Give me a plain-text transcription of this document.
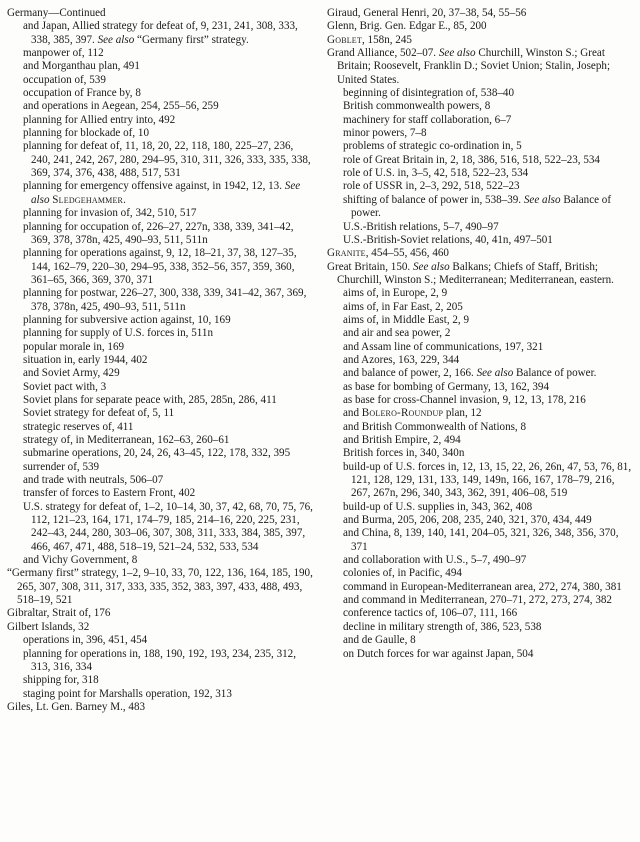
Germany—Continued
and Japan, Allied strategy for defeat of, 9, 231, 241, 308, 333, 338, 385, 397. See also “Germany first” strategy.
manpower of, 112
and Morganthau plan, 491
occupation of, 539
occupation of France by, 8
and operations in Aegean, 254, 255–56, 259
planning for Allied entry into, 492
planning for blockade of, 10
planning for defeat of, 11, 18, 20, 22, 118, 180, 225–27, 236, 240, 241, 242, 267, 280, 294–95, 310, 311, 326, 333, 335, 338, 369, 374, 376, 438, 488, 517, 531
planning for emergency offensive against, in 1942, 12, 13. See also Sledgehammer.
planning for invasion of, 342, 510, 517
planning for occupation of, 226–27, 227n, 338, 339, 341–42, 369, 378, 378n, 425, 490–93, 511, 511n
planning for operations against, 9, 12, 18–21, 37, 38, 127–35, 144, 162–79, 220–30, 294–95, 338, 352–56, 357, 359, 360, 361–65, 366, 369, 370, 371
planning for postwar, 226–27, 300, 338, 339, 341–42, 367, 369, 378, 378n, 425, 490–93, 511, 511n
planning for subversive action against, 10, 169
planning for supply of U.S. forces in, 511n
popular morale in, 169
situation in, early 1944, 402
and Soviet Army, 429
Soviet pact with, 3
Soviet plans for separate peace with, 285, 285n, 286, 411
Soviet strategy for defeat of, 5, 11
strategic reserves of, 411
strategy of, in Mediterranean, 162–63, 260–61
submarine operations, 20, 24, 26, 43–45, 122, 178, 332, 395
surrender of, 539
and trade with neutrals, 506–07
transfer of forces to Eastern Front, 402
U.S. strategy for defeat of, 1–2, 10–14, 30, 37, 42, 68, 70, 75, 76, 112, 121–23, 164, 171, 174–79, 185, 214–16, 220, 225, 231, 242–43, 244, 280, 303–06, 307, 308, 311, 333, 384, 385, 397, 466, 467, 471, 488, 518–19, 521–24, 532, 533, 534
and Vichy Government, 8
“Germany first” strategy, 1–2, 9–10, 33, 70, 122, 136, 164, 185, 190, 265, 307, 308, 311, 317, 333, 335, 352, 383, 397, 433, 488, 493, 518–19, 521
Gibraltar, Strait of, 176
Gilbert Islands, 32
operations in, 396, 451, 454
planning for operations in, 188, 190, 192, 193, 234, 235, 312, 313, 316, 334
shipping for, 318
staging point for Marshalls operation, 192, 313
Giles, Lt. Gen. Barney M., 483
Giraud, General Henri, 20, 37–38, 54, 55–56
Glenn, Brig. Gen. Edgar E., 85, 200
Goblet, 158n, 245
Grand Alliance, 502–07. See also Churchill, Winston S.; Great Britain; Roosevelt, Franklin D.; Soviet Union; Stalin, Joseph; United States.
beginning of disintegration of, 538–40
British commonwealth powers, 8
machinery for staff collaboration, 6–7
minor powers, 7–8
problems of strategic co-ordination in, 5
role of Great Britain in, 2, 18, 386, 516, 518, 522–23, 534
role of U.S. in, 3–5, 42, 518, 522–23, 534
role of USSR in, 2–3, 292, 518, 522–23
shifting of balance of power in, 538–39. See also Balance of power.
U.S.-British relations, 5–7, 490–97
U.S.-British-Soviet relations, 40, 41n, 497–501
Granite, 454–55, 456, 460
Great Britain, 150. See also Balkans; Chiefs of Staff, British; Churchill, Winston S.; Mediterranean; Mediterranean, eastern.
aims of, in Europe, 2, 9
aims of, in Far East, 2, 205
aims of, in Middle East, 2, 9
and air and sea power, 2
and Assam line of communications, 197, 321
and Azores, 163, 229, 344
and balance of power, 2, 166. See also Balance of power.
as base for bombing of Germany, 13, 162, 394
as base for cross-Channel invasion, 9, 12, 13, 178, 216
and Bolero-Roundup plan, 12
and British Commonwealth of Nations, 8
and British Empire, 2, 494
British forces in, 340, 340n
build-up of U.S. forces in, 12, 13, 15, 22, 26, 26n, 47, 53, 76, 81, 121, 128, 129, 131, 133, 149, 149n, 166, 167, 178–79, 216, 267, 267n, 296, 340, 343, 362, 391, 406–08, 519
build-up of U.S. supplies in, 343, 362, 408
and Burma, 205, 206, 208, 235, 240, 321, 370, 434, 449
and China, 8, 139, 140, 141, 204–05, 321, 326, 348, 356, 370, 371
and collaboration with U.S., 5–7, 490–97
colonies of, in Pacific, 494
command in European-Mediterranean area, 272, 274, 380, 381
and command in Mediterranean, 270–71, 272, 273, 274, 382
conference tactics of, 106–07, 111, 166
decline in military strength of, 386, 523, 538
and de Gaulle, 8
on Dutch forces for war against Japan, 504
